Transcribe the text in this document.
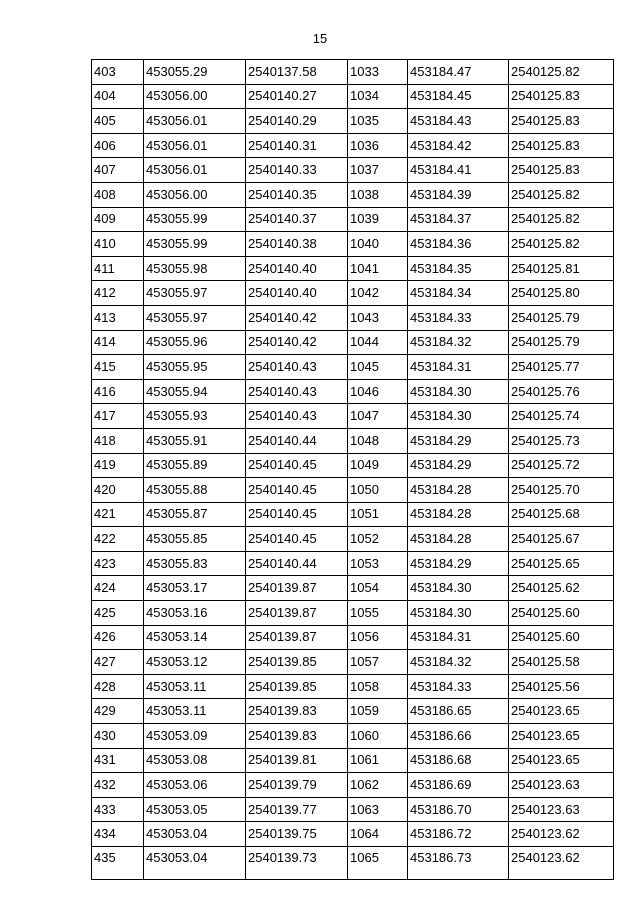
15
403	453055.29	2540137.58	1033	453184.47	2540125.82
404	453056.00	2540140.27	1034	453184.45	2540125.83
405	453056.01	2540140.29	1035	453184.43	2540125.83
406	453056.01	2540140.31	1036	453184.42	2540125.83
407	453056.01	2540140.33	1037	453184.41	2540125.83
408	453056.00	2540140.35	1038	453184.39	2540125.82
409	453055.99	2540140.37	1039	453184.37	2540125.82
410	453055.99	2540140.38	1040	453184.36	2540125.82
411	453055.98	2540140.40	1041	453184.35	2540125.81
412	453055.97	2540140.40	1042	453184.34	2540125.80
413	453055.97	2540140.42	1043	453184.33	2540125.79
414	453055.96	2540140.42	1044	453184.32	2540125.79
415	453055.95	2540140.43	1045	453184.31	2540125.77
416	453055.94	2540140.43	1046	453184.30	2540125.76
417	453055.93	2540140.43	1047	453184.30	2540125.74
418	453055.91	2540140.44	1048	453184.29	2540125.73
419	453055.89	2540140.45	1049	453184.29	2540125.72
420	453055.88	2540140.45	1050	453184.28	2540125.70
421	453055.87	2540140.45	1051	453184.28	2540125.68
422	453055.85	2540140.45	1052	453184.28	2540125.67
423	453055.83	2540140.44	1053	453184.29	2540125.65
424	453053.17	2540139.87	1054	453184.30	2540125.62
425	453053.16	2540139.87	1055	453184.30	2540125.60
426	453053.14	2540139.87	1056	453184.31	2540125.60
427	453053.12	2540139.85	1057	453184.32	2540125.58
428	453053.11	2540139.85	1058	453184.33	2540125.56
429	453053.11	2540139.83	1059	453186.65	2540123.65
430	453053.09	2540139.83	1060	453186.66	2540123.65
431	453053.08	2540139.81	1061	453186.68	2540123.65
432	453053.06	2540139.79	1062	453186.69	2540123.63
433	453053.05	2540139.77	1063	453186.70	2540123.63
434	453053.04	2540139.75	1064	453186.72	2540123.62
435	453053.04	2540139.73	1065	453186.73	2540123.62
